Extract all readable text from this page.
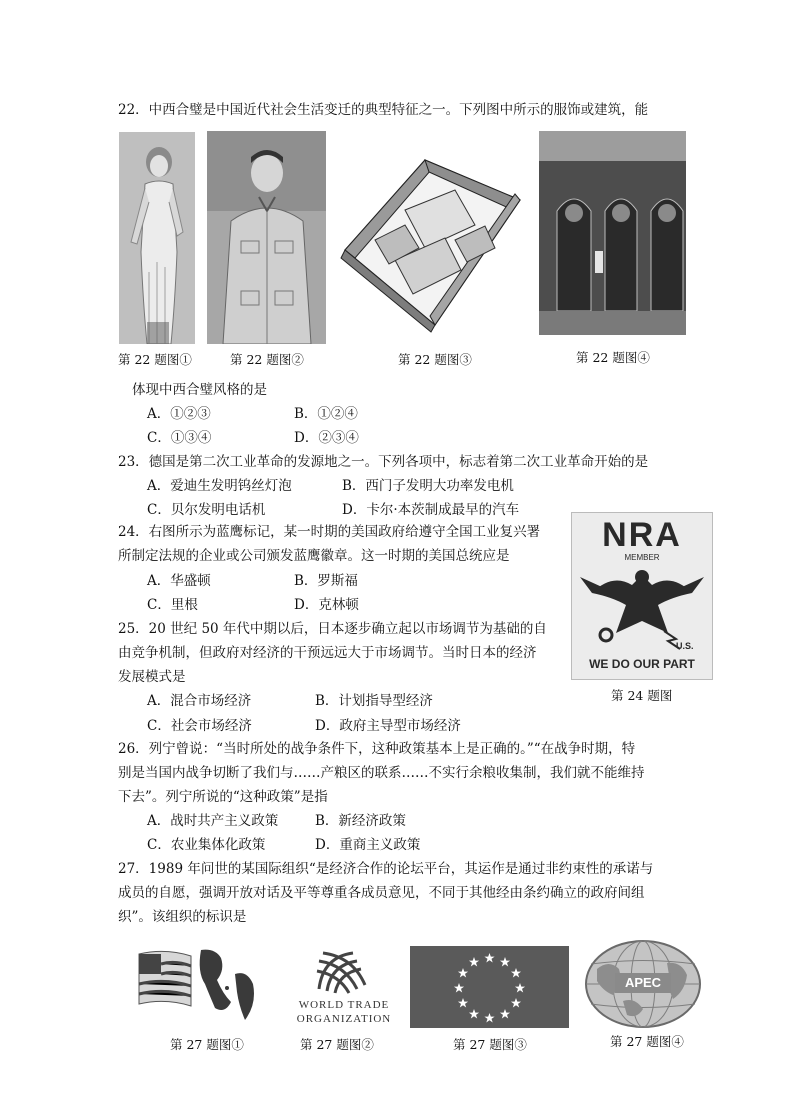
22．中西合璧是中国近代社会生活变迁的典型特征之一。下列图中所示的服饰或建筑，能
第 22 题图①	第 22 题图②	第 22 题图③	第 22 题图④
体现中西合璧风格的是
A．①②③	B．①②④
C．①③④	D．②③④
23．德国是第二次工业革命的发源地之一。下列各项中，标志着第二次工业革命开始的是
A．爱迪生发明钨丝灯泡	B．西门子发明大功率发电机
C．贝尔发明电话机	D．卡尔·本茨制成最早的汽车
24．右图所示为蓝鹰标记，某一时期的美国政府给遵守全国工业复兴署
所制定法规的企业或公司颁发蓝鹰徽章。这一时期的美国总统应是
A．华盛顿	B．罗斯福
C．里根	D．克林顿
NRA
MEMBER
U.S.
WE DO OUR PART
第 24 题图
25．20 世纪 50 年代中期以后，日本逐步确立起以市场调节为基础的自
由竞争机制，但政府对经济的干预远远大于市场调节。当时日本的经济
发展模式是
A．混合市场经济	B．计划指导型经济
C．社会市场经济	D．政府主导型市场经济
26．列宁曾说：“当时所处的战争条件下，这种政策基本上是正确的。”“在战争时期，特
别是当国内战争切断了我们与……产粮区的联系……不实行余粮收集制，我们就不能维持
下去”。列宁所说的“这种政策”是指
A．战时共产主义政策	B．新经济政策
C．农业集体化政策	D．重商主义政策
27．1989 年问世的某国际组织“是经济合作的论坛平台，其运作是通过非约束性的承诺与
成员的自愿，强调开放对话及平等尊重各成员意见，不同于其他经由条约确立的政府间组
织”。该组织的标识是
WORLD TRADE
ORGANIZATION
APEC
第 27 题图①	第 27 题图②	第 27 题图③	第 27 题图④
